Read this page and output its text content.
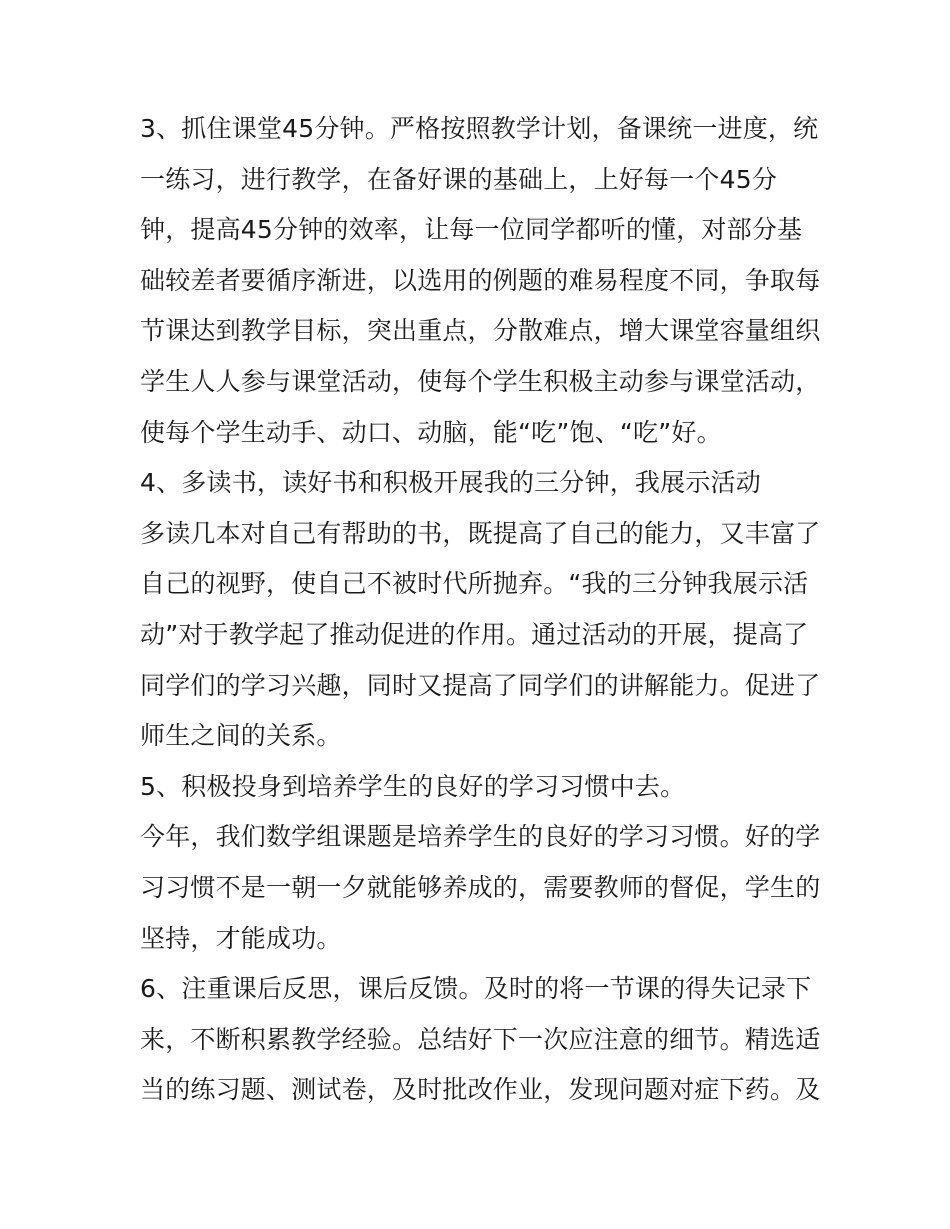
3、抓住课堂45分钟。严格按照教学计划，备课统一进度，统
一练习，进行教学，在备好课的基础上，上好每一个45分
钟，提高45分钟的效率，让每一位同学都听的懂，对部分基
础较差者要循序渐进，以选用的例题的难易程度不同，争取每
节课达到教学目标，突出重点，分散难点，增大课堂容量组织
学生人人参与课堂活动，使每个学生积极主动参与课堂活动，
使每个学生动手、动口、动脑，能“吃”饱、“吃”好。
4、多读书，读好书和积极开展我的三分钟，我展示活动
多读几本对自己有帮助的书，既提高了自己的能力，又丰富了
自己的视野，使自己不被时代所抛弃。“我的三分钟我展示活
动”对于教学起了推动促进的作用。通过活动的开展，提高了
同学们的学习兴趣，同时又提高了同学们的讲解能力。促进了
师生之间的关系。
5、积极投身到培养学生的良好的学习习惯中去。
今年，我们数学组课题是培养学生的良好的学习习惯。好的学
习习惯不是一朝一夕就能够养成的，需要教师的督促，学生的
坚持，才能成功。
6、注重课后反思，课后反馈。及时的将一节课的得失记录下
来，不断积累教学经验。总结好下一次应注意的细节。精选适
当的练习题、测试卷，及时批改作业，发现问题对症下药。及
